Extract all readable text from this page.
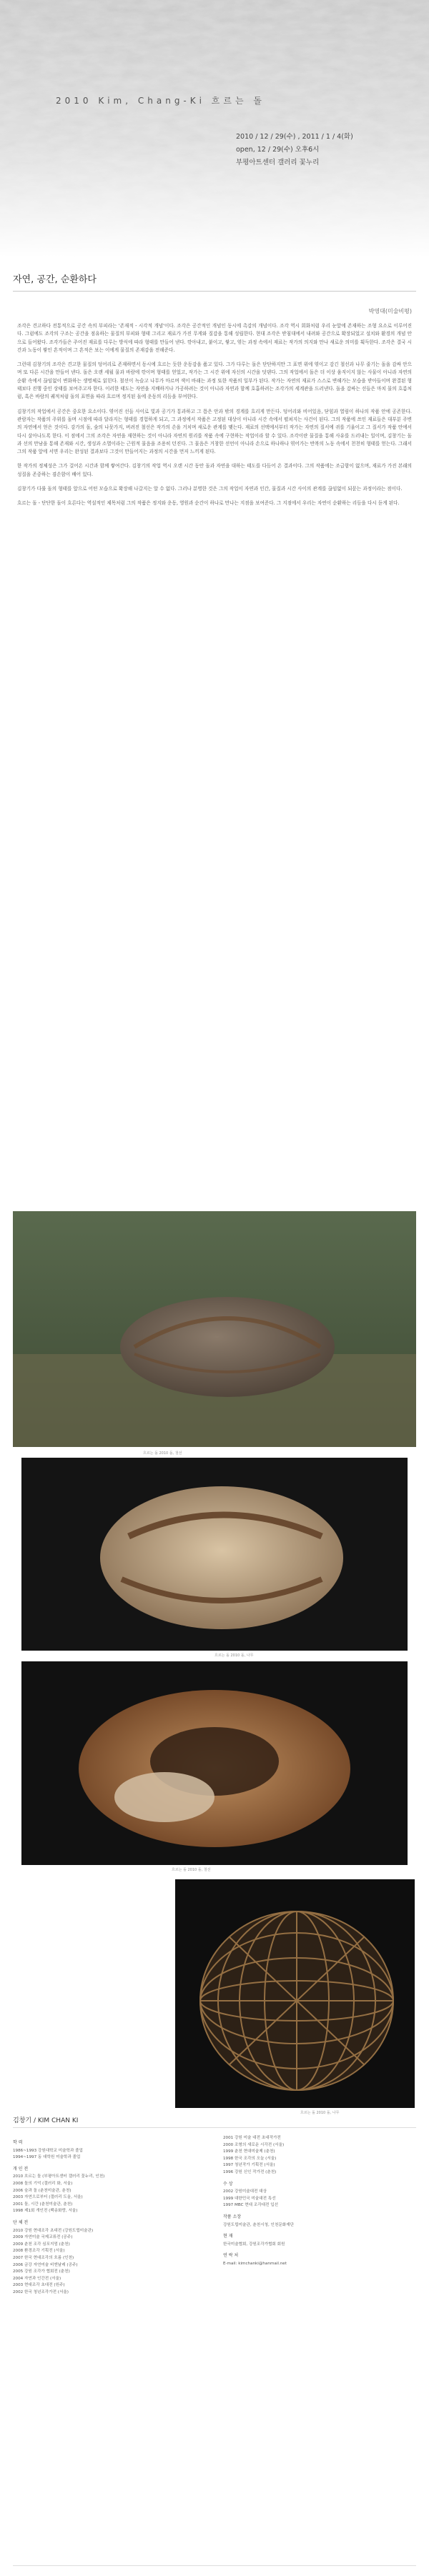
2010 Kim, Chang-Ki 흐르는 돌
2010 / 12 / 29(수) , 2011 / 1 / 4(화)
open, 12 / 29(수) 오후6시
부평아트센터 갤러리 꽃누리
자연, 공간, 순환하다
박영대(미술비평)

조각은 견고하다 전통적으로 공간 속의 부피라는 '존재적 - 시각적 개념'이다. 조각은 공간적인 개념인 동시에 촉감의 개념이다. 조각 역시 회화처럼 우리 눈앞에 존재하는 조형 요소로 이루어진다. 그럼에도 조각의 구조는 공간을 점유하는 물질의 부피와 형태 그리고 재료가 가진 무게와 질감을 통해 성립한다. 현대 조각은 받침대에서 내려와 공간으로 확장되었고 설치와 환경의 개념 안으로 들어왔다. 조각가들은 주어진 재료를 다루는 방식에 따라 형태를 만들어 낸다. 깎아내고, 붙이고, 쌓고, 엮는 과정 속에서 재료는 작가의 의지와 만나 새로운 의미를 획득한다. 조각은 결국 시간과 노동이 쌓인 흔적이며 그 흔적은 보는 이에게 물질의 존재감을 전해준다.

그런데 김창기의 조각은 견고한 물질의 덩어리로 존재하면서 동시에 흐르는 듯한 운동감을 품고 있다. 그가 다루는 돌은 단단하지만 그 표면 위에 엮이고 감긴 철선과 나무 줄기는 돌을 감싸 안으며 또 다른 시간을 만들어 낸다. 돌은 오랜 세월 물과 바람에 깎이며 형태를 얻었고, 작가는 그 시간 위에 자신의 시간을 덧댄다. 그의 작업에서 돌은 더 이상 움직이지 않는 사물이 아니라 자연의 순환 속에서 끊임없이 변화하는 생명체로 읽힌다. 철선이 녹슬고 나무가 마르며 색이 바래는 과정 또한 작품의 일부가 된다. 작가는 자연의 재료가 스스로 변해가는 모습을 받아들이며 완결된 형태보다 진행 중인 상태를 보여주고자 한다. 이러한 태도는 자연을 지배하거나 가공하려는 것이 아니라 자연과 함께 호흡하려는 조각가의 세계관을 드러낸다. 돌을 감싸는 선들은 마치 물의 흐름처럼, 혹은 바람의 궤적처럼 돌의 표면을 따라 흐르며 정지된 돌에 운동의 리듬을 부여한다.

김창기의 작업에서 공간은 중요한 요소이다. 엮어진 선들 사이로 빛과 공기가 통과하고 그 틈은 안과 밖의 경계를 흐리게 만든다. 덩어리와 비어있음, 닫힘과 열림이 하나의 작품 안에 공존한다. 관람자는 작품의 주위를 돌며 시점에 따라 달라지는 형태를 경험하게 되고, 그 과정에서 작품은 고정된 대상이 아니라 시간 속에서 펼쳐지는 사건이 된다. 그의 작품에 쓰인 재료들은 대부분 주변의 자연에서 얻은 것이다. 강가의 돌, 숲의 나뭇가지, 버려진 철선은 작가의 손을 거치며 새로운 관계를 맺는다. 재료의 선택에서부터 작가는 자연의 질서에 귀를 기울이고 그 질서가 작품 안에서 다시 살아나도록 한다. 이 점에서 그의 조각은 자연을 재현하는 것이 아니라 자연의 원리를 작품 속에 구현하는 작업이라 할 수 있다. 조각이란 물질을 통해 사유를 드러내는 일이며, 김창기는 돌과 선의 만남을 통해 존재와 시간, 생성과 소멸이라는 근원적 물음을 조용히 던진다. 그 물음은 거창한 선언이 아니라 손으로 하나하나 엮어가는 반복의 노동 속에서 천천히 형태를 얻는다. 그래서 그의 작품 앞에 서면 우리는 완성된 결과보다 그것이 만들어지는 과정의 시간을 먼저 느끼게 된다.

한 작가의 정체성은 그가 걸어온 시간과 함께 쌓여간다. 김창기의 작업 역시 오랜 시간 동안 돌과 자연을 대하는 태도를 다듬어 온 결과이다. 그의 작품에는 조급함이 없으며, 재료가 가진 본래의 성질을 존중하는 겸손함이 배어 있다.

김창기가 다룰 돌의 형태를 앞으로 어떤 모습으로 확장해 나갈지는 알 수 없다. 그러나 분명한 것은 그의 작업이 자연과 인간, 물질과 시간 사이의 관계를 끊임없이 되묻는 과정이라는 점이다.

흐르는 돌 - 단단한 돌이 흐른다는 역설적인 제목처럼 그의 작품은 정지와 운동, 영원과 순간이 하나로 만나는 지점을 보여준다. 그 지점에서 우리는 자연이 순환하는 리듬을 다시 듣게 된다.

흐르는 돌 2010 돌, 철선
흐르는 돌 2010 돌, 나무
흐르는 돌 2010 돌, 철선
흐르는 돌 2010 돌, 나무
김창기 / KIM CHAN KI
학 력
1986~1993 강원대학교 미술학과 졸업
1994~1997 동 대학원 미술학과 졸업
개 인 전
2010 흐르는 돌 (부평아트센터 갤러리 꽃누리, 인천)
2008 돌의 기억 (갤러리 화, 서울)
2006 숲과 돌 (춘천미술관, 춘천)
2003 자연으로부터 (갤러리 도올, 서울)
2001 돌, 시간 (춘천미술관, 춘천)
1998 제1회 개인전 (백송화랑, 서울)
단 체 전
2010 강원 현대조각 초대전 (강원도립미술관)
2009 자연미술 국제교류전 (공주)
2009 춘천 조각 심포지엄 (춘천)
2008 환경조각 기획전 (서울)
2007 한국 현대조각의 흐름 (인천)
2006 금강 자연미술 비엔날레 (공주)
2005 강원 조각가 협회전 (춘천)
2004 자연과 인간전 (서울)
2003 현대조각 초대전 (원주)
2002 한국 청년조각가전 (서울)
2001 강원 미술 대전 초대작가전
2000 조형의 새로운 시각전 (서울)
1999 춘천 현대미술제 (춘천)
1998 한국 조각의 오늘 (서울)
1997 청년작가 기획전 (서울)
1996 강원 신인 작가전 (춘천)
수 상
2002 강원미술대전 대상
1999 대한민국 미술대전 특선
1997 MBC 현대 조각대전 입선
작품 소장
강원도립미술관, 춘천시청, 인천문화재단
현 재
한국미술협회, 강원조각가협회 회원
연 락 처
E-mail: kimchanki@hanmail.net
